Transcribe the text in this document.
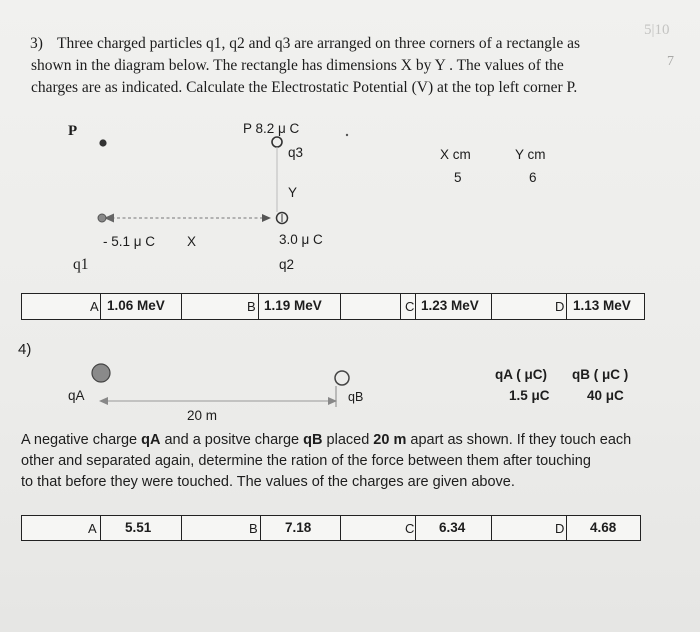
5|10
7
3) Three charged particles q1, q2 and q3 are arranged on three corners of a rectangle as
shown in the diagram below. The rectangle has dimensions X by Y . The values of the
charges are as indicated. Calculate the Electrostatic Potential (V) at the top left corner P.
P	P 8.2 μ C
q3
Y
- 5.1 μ C X	3.0 μ C
q1	q2
X cm	Y cm
5	6
A 1.06 MeV	B 1.19 MeV	C 1.23 MeV	D 1.13 MeV
4)
qA	qB
20 m
qA ( μC) qB ( μC )
1.5 μC	40 μC
A negative charge qA and a positve charge qB placed 20 m apart as shown. If they touch each
other and separated again, determine the ration of the force between them after touching
to that before they were touched. The values of the charges are given above.
A 5.51	B 7.18	C 6.34	D 4.68
